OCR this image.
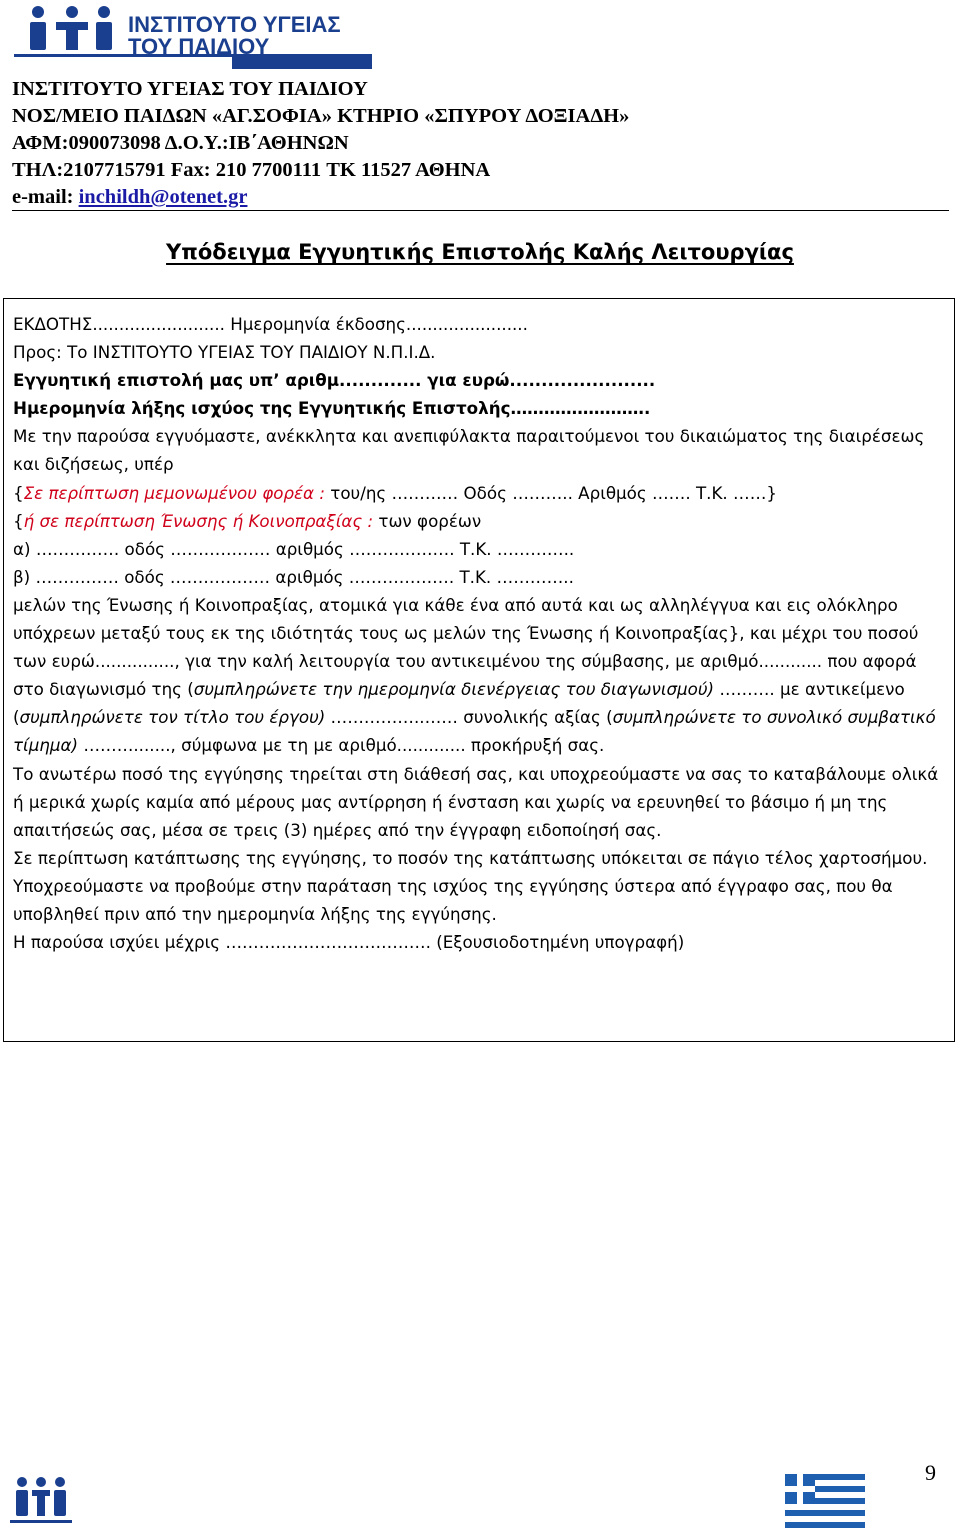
ΙΝΣΤΙΤΟΥΤΟ ΥΓΕΙΑΣ
ΤΟΥ ΠΑΙΔΙΟΥ
ΙΝΣΤΙΤΟΥΤΟ ΥΓΕΙΑΣ ΤΟΥ ΠΑΙΔΙΟΥ
ΝΟΣ/ΜΕΙΟ ΠΑΙΔΩΝ «ΑΓ.ΣΟΦΙΑ» ΚΤΗΡΙΟ «ΣΠΥΡΟΥ ΔΟΞΙΑΔΗ»
ΑΦΜ:090073098 Δ.Ο.Υ.:ΙΒ΄ΑΘΗΝΩΝ
ΤΗΛ:2107715791 Fax: 210 7700111 ΤΚ 11527 ΑΘΗΝΑ
e-mail: inchildh@otenet.gr
Υπόδειγμα Εγγυητικής Επιστολής Καλής Λειτουργίας

ΕΚΔΟΤΗΣ......................... Ημερομηνία έκδοσης.......................

Προς: Το ΙΝΣΤΙΤΟΥΤΟ ΥΓΕΙΑΣ ΤΟΥ ΠΑΙΔΙΟΥ Ν.Π.Ι.Δ.

Εγγυητική επιστολή μας υπ’ αριθμ............. για ευρώ.......................

Ημερομηνία λήξης ισχύος της Εγγυητικής Επιστολής…………………….

Με την παρούσα εγγυόμαστε, ανέκκλητα και ανεπιφύλακτα παραιτούμενοι του δικαιώματος της διαιρέσεως και διζήσεως, υπέρ

{Σε περίπτωση μεμονωμένου φορέα : του/ης ………… Οδός ……….. Αριθμός ……. Τ.Κ. ……}

{ή σε περίπτωση Ένωσης ή Κοινοπραξίας : των φορέων

α) …………… οδός ……………… αριθμός ………………. Τ.Κ. …………..

β) …………… οδός ……………… αριθμός ………………. Τ.Κ. …………..

μελών της Ένωσης ή Κοινοπραξίας, ατομικά για κάθε ένα από αυτά και ως αλληλέγγυα και εις ολόκληρο υπόχρεων μεταξύ τους εκ της ιδιότητάς τους ως μελών της Ένωσης ή Κοινοπραξίας}, και μέχρι του ποσού των ευρώ..............., για την καλή λειτουργία του αντικειμένου της σύμβασης, με αριθμό............ που αφορά στο διαγωνισμό της (συμπληρώνετε την ημερομηνία διενέργειας του διαγωνισμού) ………. με αντικείμενο (συμπληρώνετε τον τίτλο του έργου) ……………..…… συνολικής αξίας (συμπληρώνετε το συνολικό συμβατικό τίμημα) ………......., σύμφωνα με τη με αριθμό............. προκήρυξή σας.

Το ανωτέρω ποσό της εγγύησης τηρείται στη διάθεσή σας, και υποχρεούμαστε να σας το καταβάλουμε ολικά ή μερικά χωρίς καμία από μέρους μας αντίρρηση ή ένσταση και χωρίς να ερευνηθεί το βάσιμο ή μη της απαιτήσεώς σας, μέσα σε τρεις (3) ημέρες από την έγγραφη ειδοποίησή σας.

Σε περίπτωση κατάπτωσης της εγγύησης, το ποσόν της κατάπτωσης υπόκειται σε πάγιο τέλος χαρτοσήμου.

Υποχρεούμαστε να προβούμε στην παράταση της ισχύος της εγγύησης ύστερα από έγγραφο σας, που θα υποβληθεί πριν από την ημερομηνία λήξης της εγγύησης.

Η παρούσα ισχύει μέχρις ………………………………. (Εξουσιοδοτημένη υπογραφή)

9
